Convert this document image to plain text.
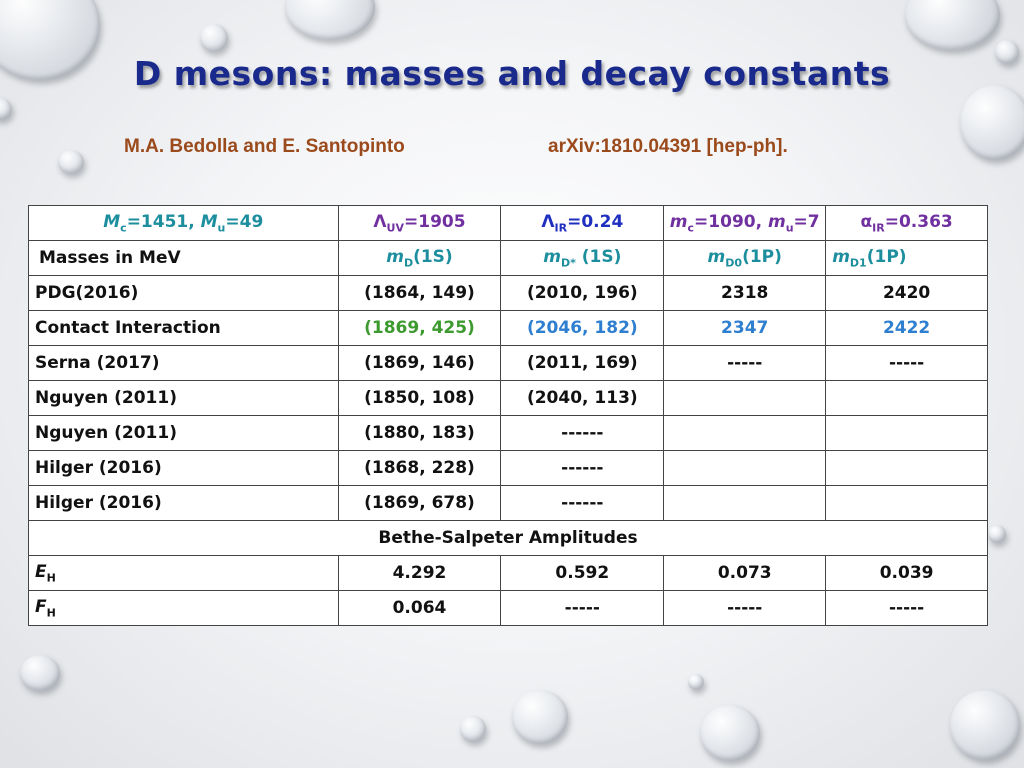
D mesons: masses and decay constants
M.A. Bedolla and E. Santopinto	arXiv:1810.04391 [hep-ph].
$M_c=1451$, $M_u=49$	$\Lambda_{UV}=1905$	$\Lambda_{IR}=0.24$	$m_c=1090$, $m_u=7$	$\alpha_{IR}=0.363$
Masses in MeV	$m_D(1S)$	$m_{D*}$ (1S)	$m_{D0}(1P)$	$m_{D1}(1P)$
PDG(2016)	(1864, 149)	(2010, 196)	2318	2420
Contact Interaction	(1869, 425)	(2046, 182)	2347	2422
Serna (2017)	(1869, 146)	(2011, 169)	-----	-----
Nguyen (2011)	(1850, 108)	(2040, 113)		
Nguyen (2011)	(1880, 183)	------		
Hilger (2016)	(1868, 228)	------		
Hilger (2016)	(1869, 678)	------		
Bethe-Salpeter Amplitudes				
$E_H$	4.292	0.592	0.073	0.039
$F_H$	0.064	-----	-----	-----
